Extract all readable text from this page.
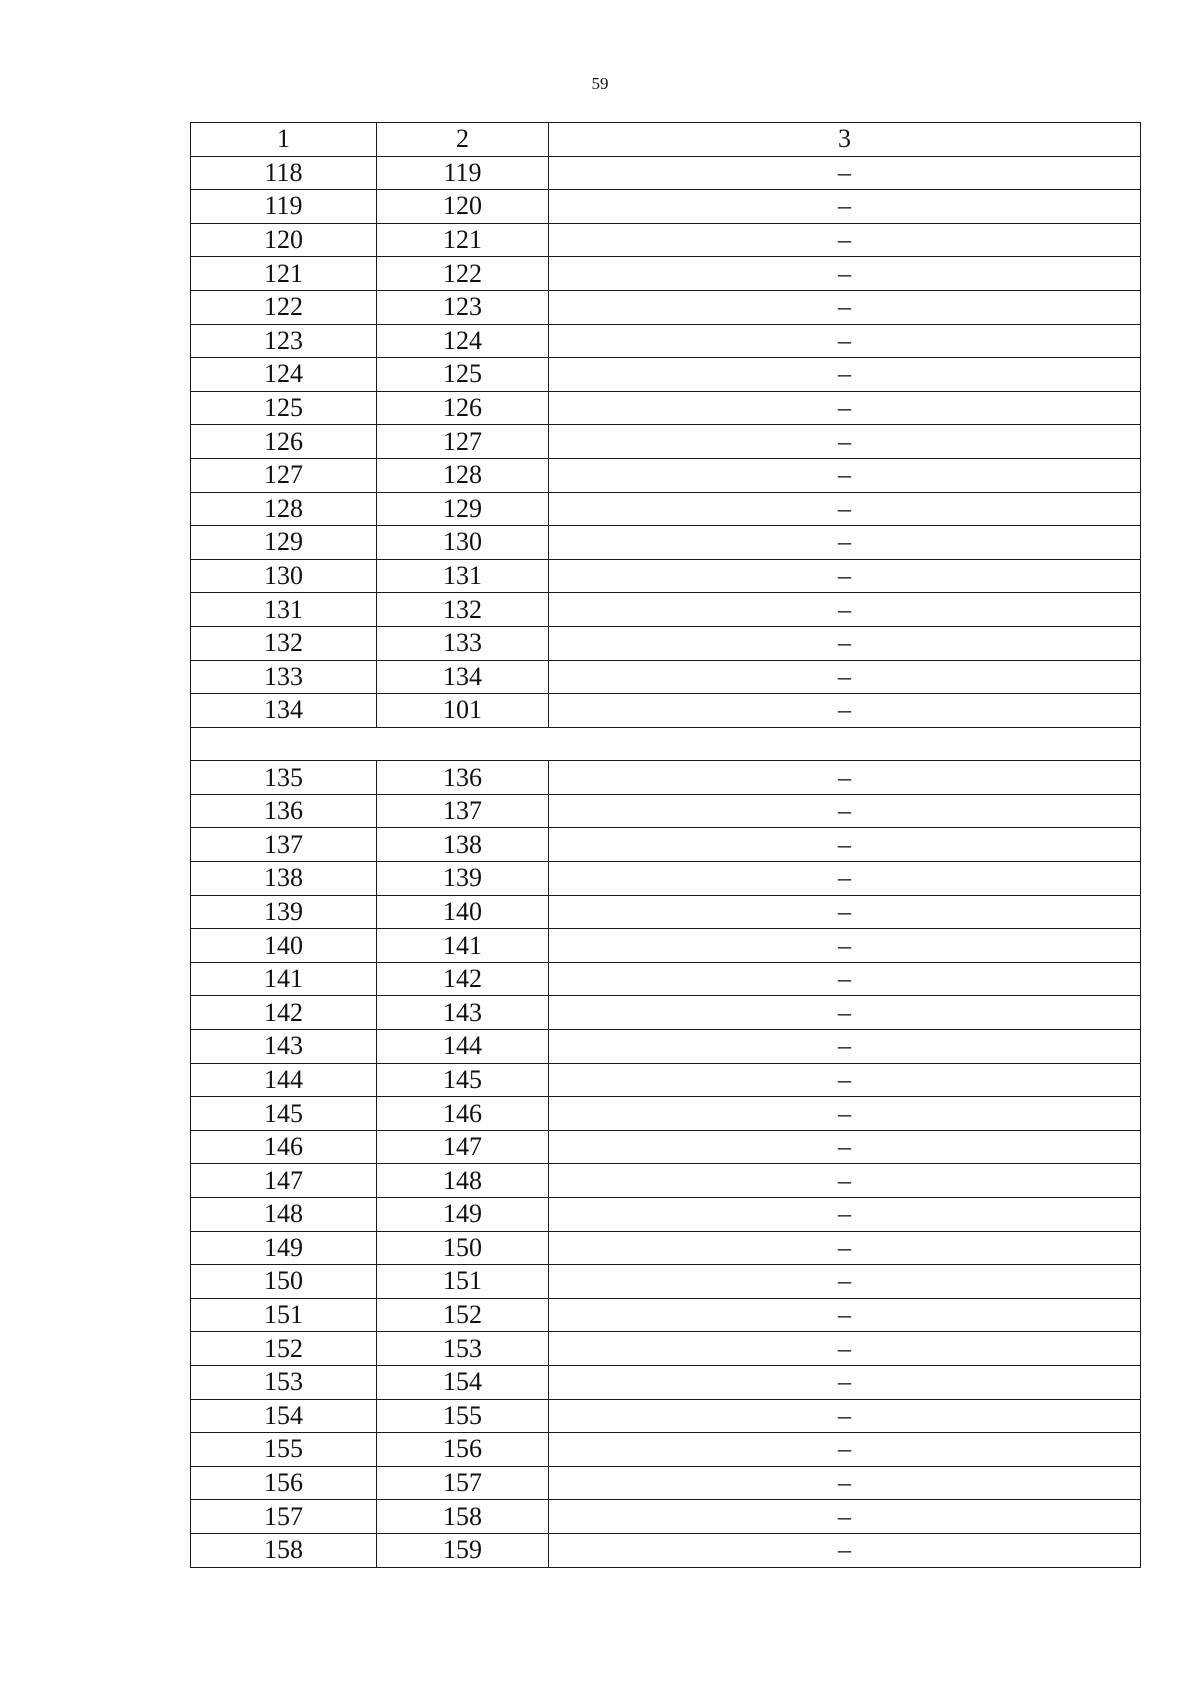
59
1	2	3
118	119	–
119	120	–
120	121	–
121	122	–
122	123	–
123	124	–
124	125	–
125	126	–
126	127	–
127	128	–
128	129	–
129	130	–
130	131	–
131	132	–
132	133	–
133	134	–
134	101	–

135	136	–
136	137	–
137	138	–
138	139	–
139	140	–
140	141	–
141	142	–
142	143	–
143	144	–
144	145	–
145	146	–
146	147	–
147	148	–
148	149	–
149	150	–
150	151	–
151	152	–
152	153	–
153	154	–
154	155	–
155	156	–
156	157	–
157	158	–
158	159	–
